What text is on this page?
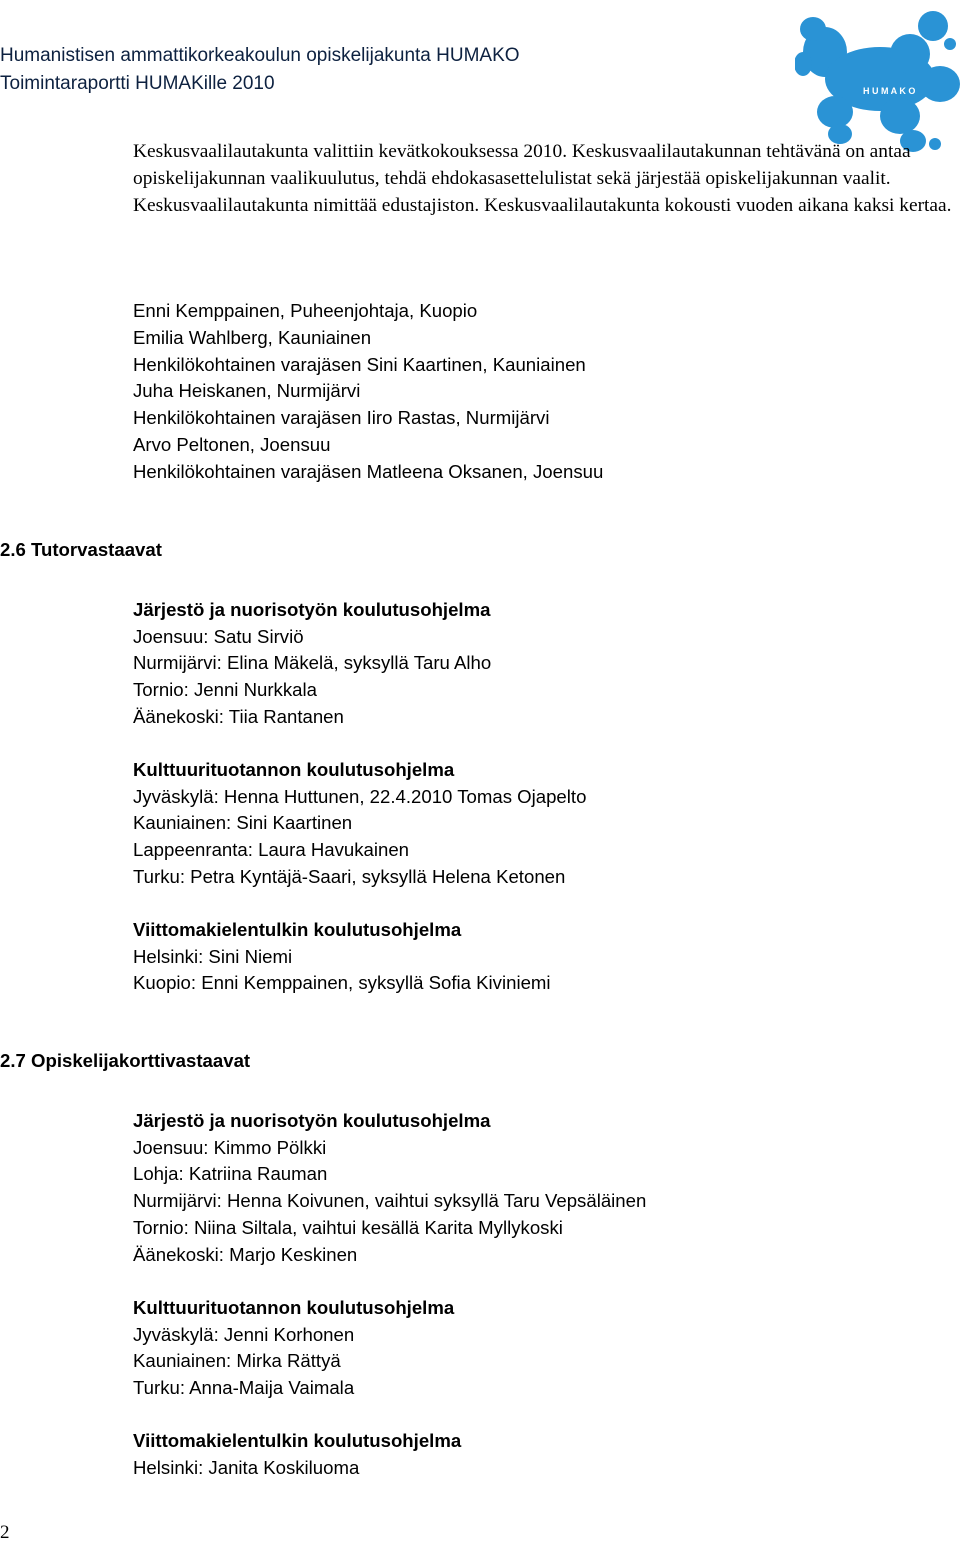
Humanistisen ammattikorkeakoulun opiskelijakunta HUMAKO
Toimintaraportti HUMAKille 2010	H U M A K O

Keskusvaalilautakunta valittiin kevätkokouksessa 2010. Keskusvaalilautakunnan tehtävänä on antaa opiskelijakunnan vaalikuulutus, tehdä ehdokasasettelulistat sekä järjestää opiskelijakunnan vaalit. Keskusvaalilautakunta nimittää edustajiston. Keskusvaalilautakunta kokousti vuoden aikana kaksi kertaa.

Enni Kemppainen, Puheenjohtaja, Kuopio
Emilia Wahlberg, Kauniainen
Henkilökohtainen varajäsen Sini Kaartinen, Kauniainen
Juha Heiskanen, Nurmijärvi
Henkilökohtainen varajäsen Iiro Rastas, Nurmijärvi
Arvo Peltonen, Joensuu
Henkilökohtainen varajäsen Matleena Oksanen, Joensuu
2.6 Tutorvastaavat
Järjestö ja nuorisotyön koulutusohjelma
Joensuu: Satu Sirviö
Nurmijärvi: Elina Mäkelä, syksyllä Taru Alho
Tornio: Jenni Nurkkala
Äänekoski: Tiia Rantanen
Kulttuurituotannon koulutusohjelma
Jyväskylä: Henna Huttunen, 22.4.2010 Tomas Ojapelto
Kauniainen: Sini Kaartinen
Lappeenranta: Laura Havukainen
Turku: Petra Kyntäjä-Saari, syksyllä Helena Ketonen
Viittomakielentulkin koulutusohjelma
Helsinki: Sini Niemi
Kuopio: Enni Kemppainen, syksyllä Sofia Kiviniemi
2.7 Opiskelijakorttivastaavat
Järjestö ja nuorisotyön koulutusohjelma
Joensuu: Kimmo Pölkki
Lohja: Katriina Rauman
Nurmijärvi: Henna Koivunen, vaihtui syksyllä Taru Vepsäläinen
Tornio: Niina Siltala, vaihtui kesällä Karita Myllykoski
Äänekoski: Marjo Keskinen
Kulttuurituotannon koulutusohjelma
Jyväskylä: Jenni Korhonen
Kauniainen: Mirka Rättyä
Turku: Anna-Maija Vaimala
Viittomakielentulkin koulutusohjelma
Helsinki: Janita Koskiluoma
2
